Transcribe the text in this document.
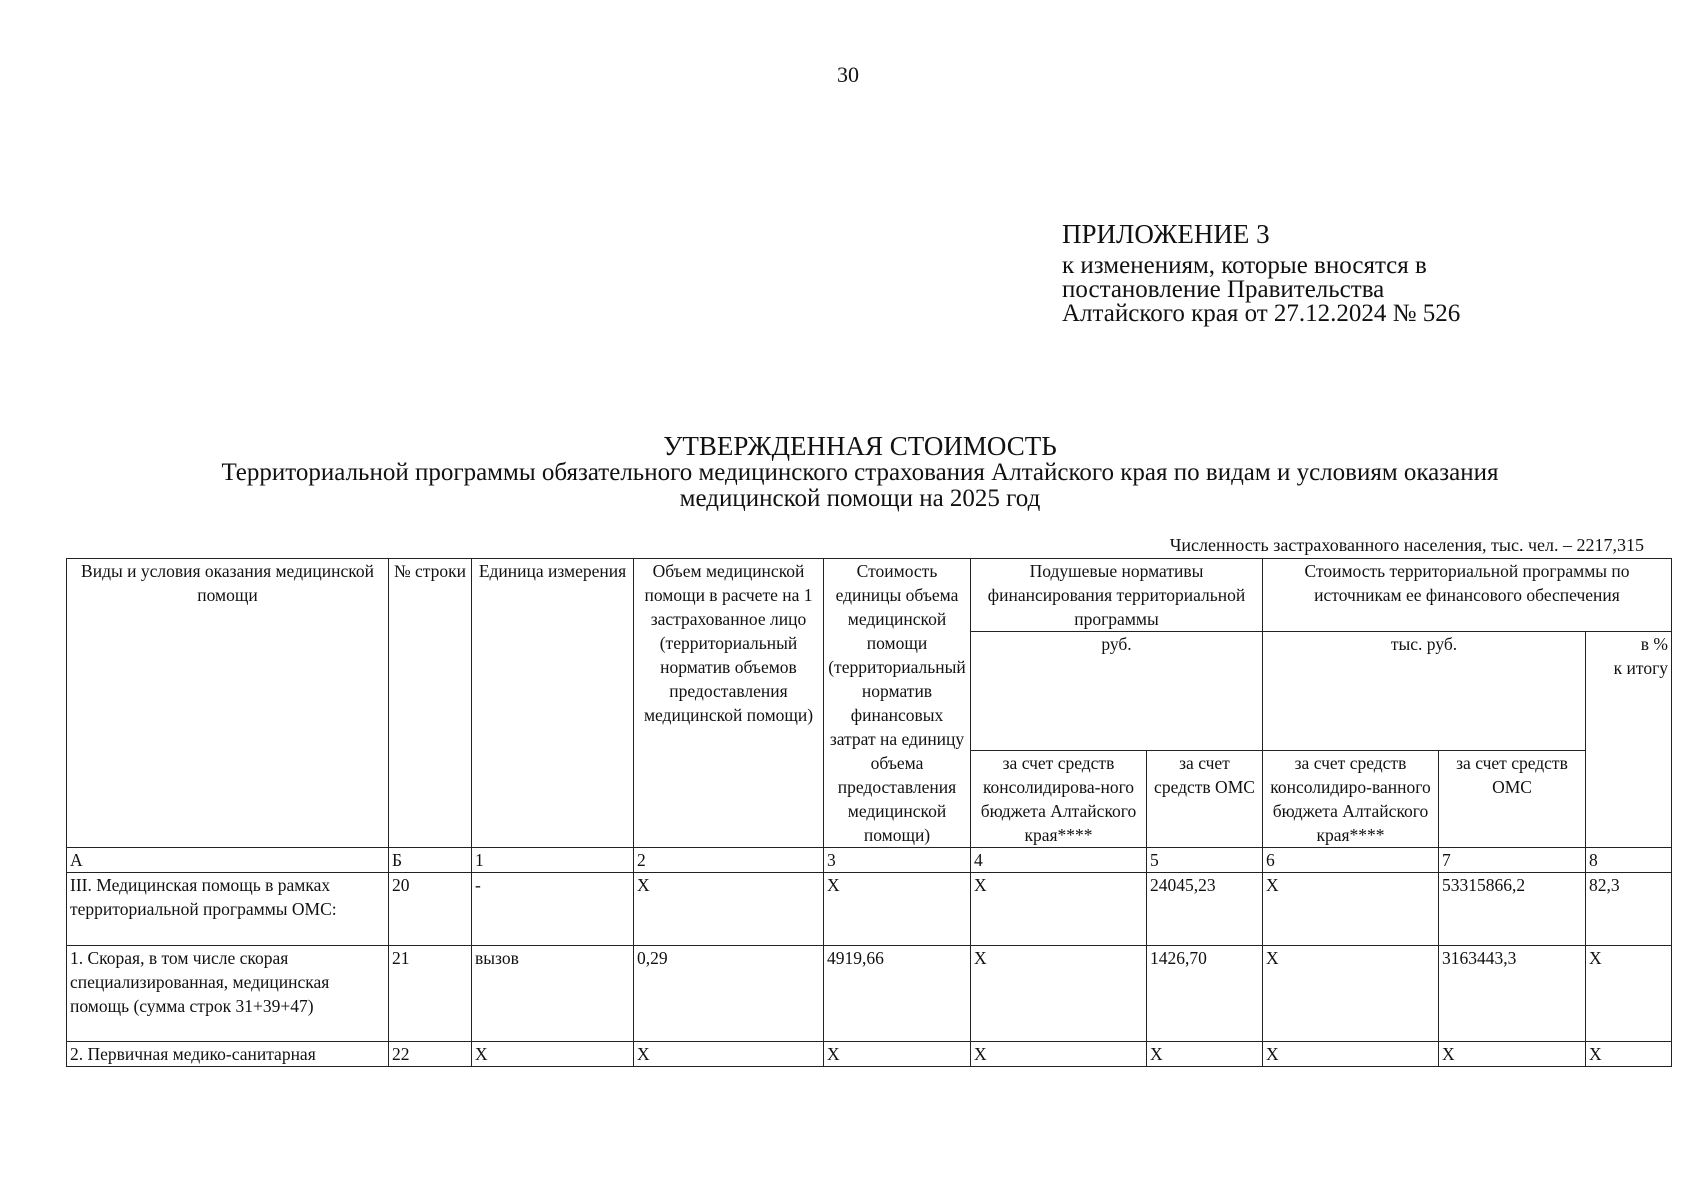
30
ПРИЛОЖЕНИЕ 3
к изменениям, которые вносятся в
постановление Правительства
Алтайского края от 27.12.2024 № 526
УТВЕРЖДЕННАЯ СТОИМОСТЬ
Территориальной программы обязательного медицинского страхования Алтайского края по видам и условиям оказания
медицинской помощи на 2025 год
Численность застрахованного населения, тыс. чел. – 2217,315
Виды и условия оказания медицинской помощи	№ строки	Единица измерения	Объем медицинской помощи в расчете на 1 застрахованное лицо (территориальный норматив объемов предоставления медицинской помощи)	Стоимость единицы объема медицинской помощи (территориальный норматив финансовых затрат на единицу объема предоставления медицинской помощи)	Подушевые нормативы финансирования территориальной программы		Стоимость территориальной программы по источникам ее финансового обеспечения		
					руб.		тыс. руб.		в %
к итогу

					за счет средств консолидирова-ного бюджета Алтайского края****	за счет средств ОМС	за счет средств консолидиро-ванного бюджета Алтайского края****	за счет средств ОМС	
А	Б	1	2	3	4	5	6	7	8
III. Медицинская помощь в рамках территориальной программы ОМС:	20	-	X	X	X	24045,23	X	53315866,2	82,3
1. Скорая, в том числе скорая специализированная, медицинская помощь (сумма строк 31+39+47)	21	вызов	0,29	4919,66	X	1426,70	X	3163443,3	X
2. Первичная медико-санитарная	22	X	X	X	X	X	X	X	X
